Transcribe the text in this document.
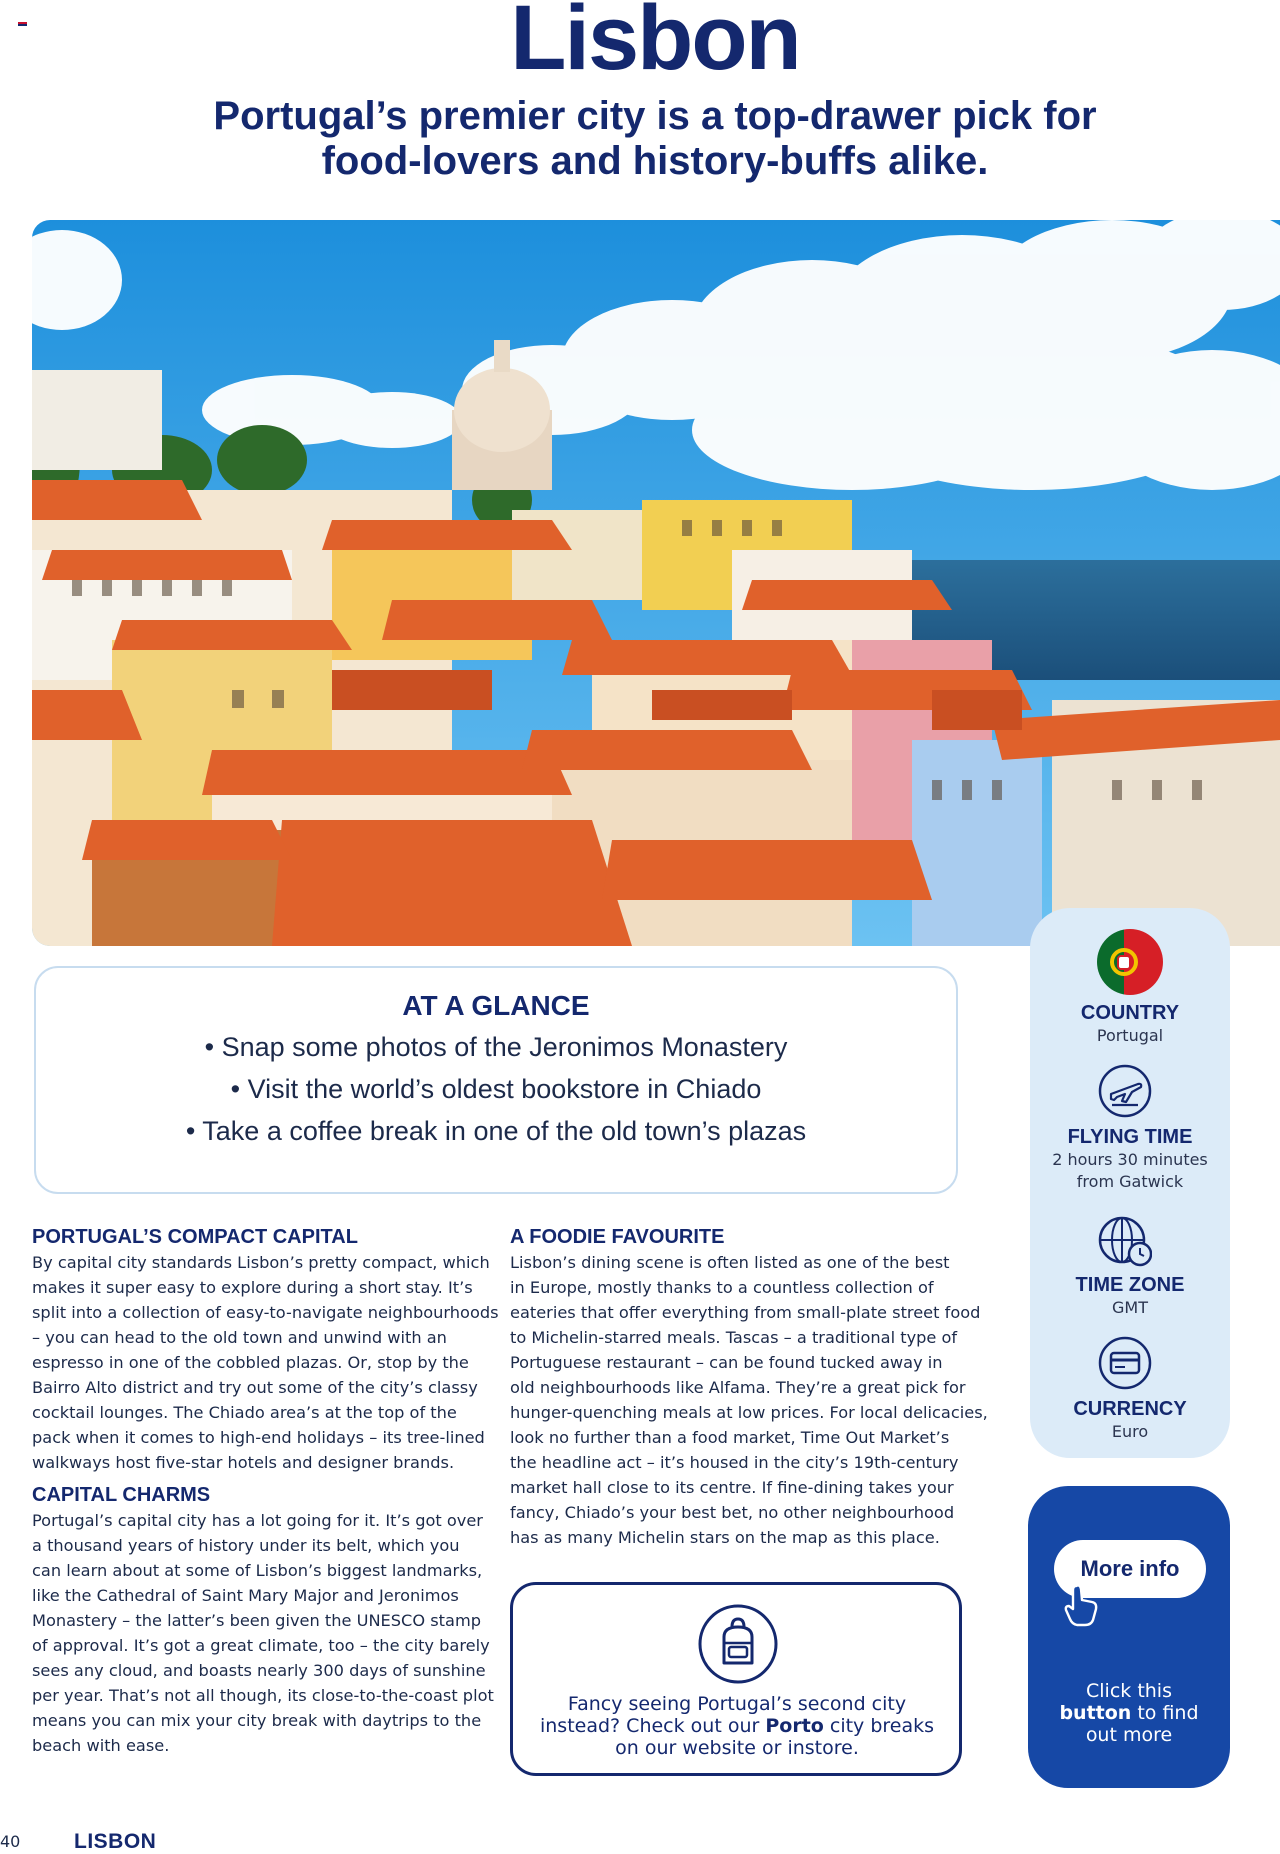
Lisbon
Portugal’s premier city is a top-drawer pick for
food-lovers and history-buffs alike.
AT A GLANCE
• Snap some photos of the Jeronimos Monastery
• Visit the world’s oldest bookstore in Chiado
• Take a coffee break in one of the old town’s plazas
COUNTRY
Portugal
FLYING TIME
2 hours 30 minutes
from Gatwick
TIME ZONE
GMT
CURRENCY
Euro
PORTUGAL’S COMPACT CAPITAL
By capital city standards Lisbon’s pretty compact, which
makes it super easy to explore during a short stay. It’s
split into a collection of easy-to-navigate neighbourhoods
– you can head to the old town and unwind with an
espresso in one of the cobbled plazas. Or, stop by the
Bairro Alto district and try out some of the city’s classy
cocktail lounges. The Chiado area’s at the top of the
pack when it comes to high-end holidays – its tree-lined
walkways host five-star hotels and designer brands.
CAPITAL CHARMS
Portugal’s capital city has a lot going for it. It’s got over
a thousand years of history under its belt, which you
can learn about at some of Lisbon’s biggest landmarks,
like the Cathedral of Saint Mary Major and Jeronimos
Monastery – the latter’s been given the UNESCO stamp
of approval. It’s got a great climate, too – the city barely
sees any cloud, and boasts nearly 300 days of sunshine
per year. That’s not all though, its close-to-the-coast plot
means you can mix your city break with daytrips to the
beach with ease.
A FOODIE FAVOURITE
Lisbon’s dining scene is often listed as one of the best
in Europe, mostly thanks to a countless collection of
eateries that offer everything from small-plate street food
to Michelin-starred meals. Tascas – a traditional type of
Portuguese restaurant – can be found tucked away in
old neighbourhoods like Alfama. They’re a great pick for
hunger-quenching meals at low prices. For local delicacies,
look no further than a food market, Time Out Market’s
the headline act – it’s housed in the city’s 19th-century
market hall close to its centre. If fine-dining takes your
fancy, Chiado’s your best bet, no other neighbourhood
has as many Michelin stars on the map as this place.
Fancy seeing Portugal’s second city
instead? Check out our Porto city breaks
on our website or instore.
More info
Click this
button to find
out more
40	LISBON
